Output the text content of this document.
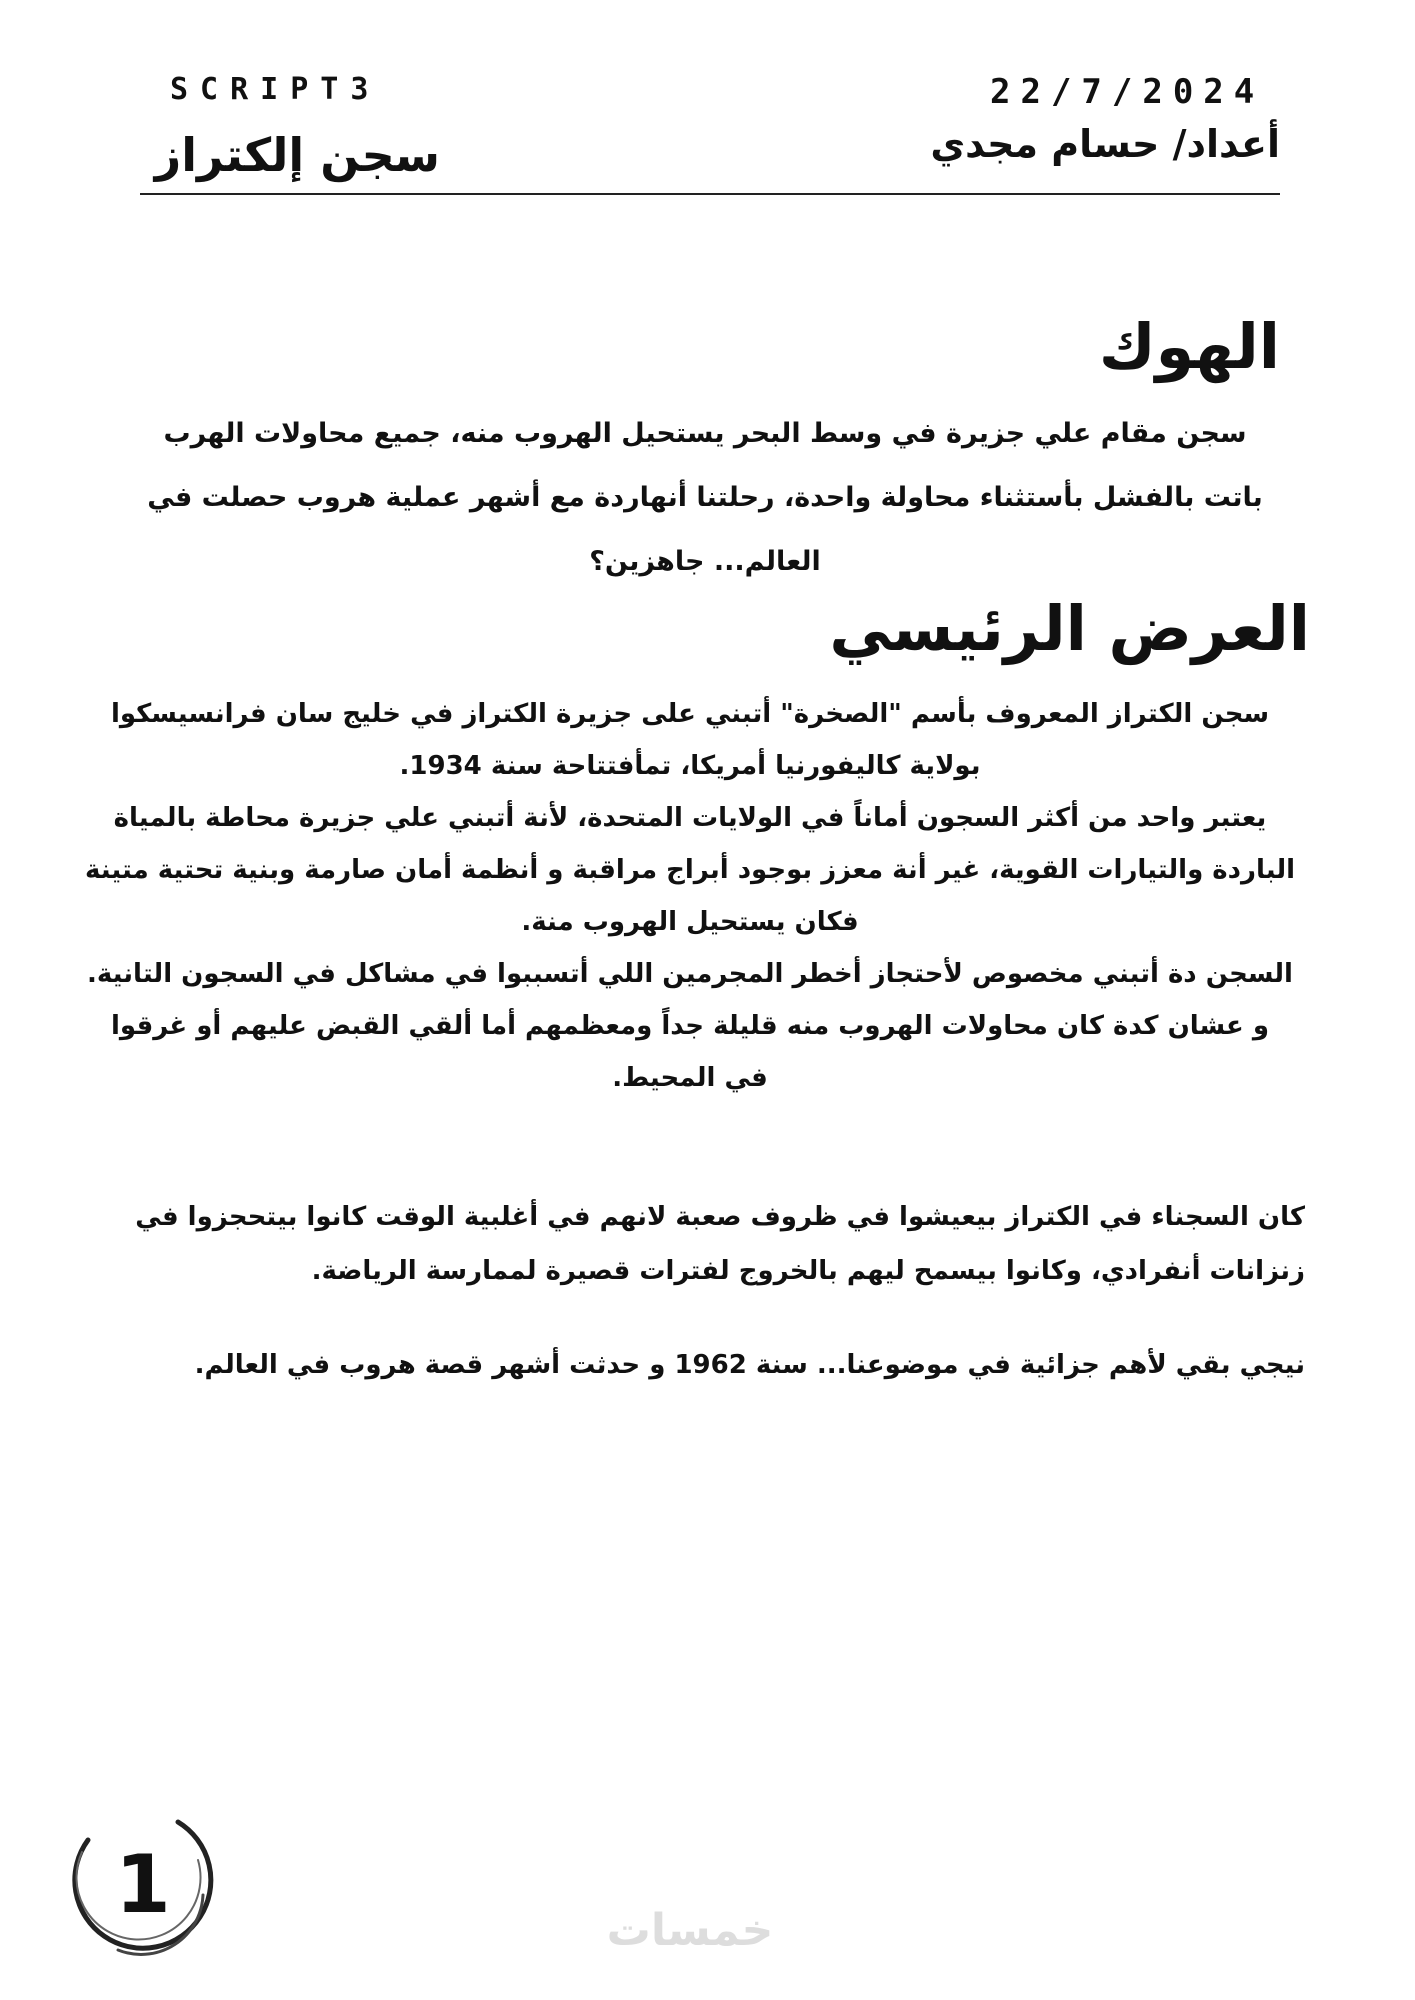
SCRIPT3	22/7/2024
سجن إلكتراز	أعداد/ حسام مجدي
الهوك
سجن مقام علي جزيرة في وسط البحر يستحيل الهروب منه، جميع محاولات الهرب باتت بالفشل بأستثناء محاولة واحدة، رحلتنا أنهاردة مع أشهر عملية هروب حصلت في العالم... جاهزين؟
العرض الرئيسي

سجن الكتراز المعروف بأسم "الصخرة" أتبني على جزيرة الكتراز في خليج سان فرانسيسكوا بولاية كاليفورنيا أمريكا، تمأفتتاحة سنة 1934.

يعتبر واحد من أكثر السجون أماناً في الولايات المتحدة، لأنة أتبني علي جزيرة محاطة بالمياة الباردة والتيارات القوية، غير أنة معزز بوجود أبراج مراقبة و أنظمة أمان صارمة وبنية تحتية متينة فكان يستحيل الهروب منة.

السجن دة أتبني مخصوص لأحتجاز أخطر المجرمين اللي أتسببوا في مشاكل في السجون التانية.

و عشان كدة كان محاولات الهروب منه قليلة جداً ومعظمهم أما ألقي القبض عليهم أو غرقوا في المحيط.

كان السجناء في الكتراز بيعيشوا في ظروف صعبة لانهم في أغلبية الوقت كانوا بيتحجزوا في زنزانات أنفرادي، وكانوا بيسمح ليهم بالخروج لفترات قصيرة لممارسة الرياضة.
نيجي بقي لأهم جزائية في موضوعنا... سنة 1962 و حدثت أشهر قصة هروب في العالم.
1	خمسات
